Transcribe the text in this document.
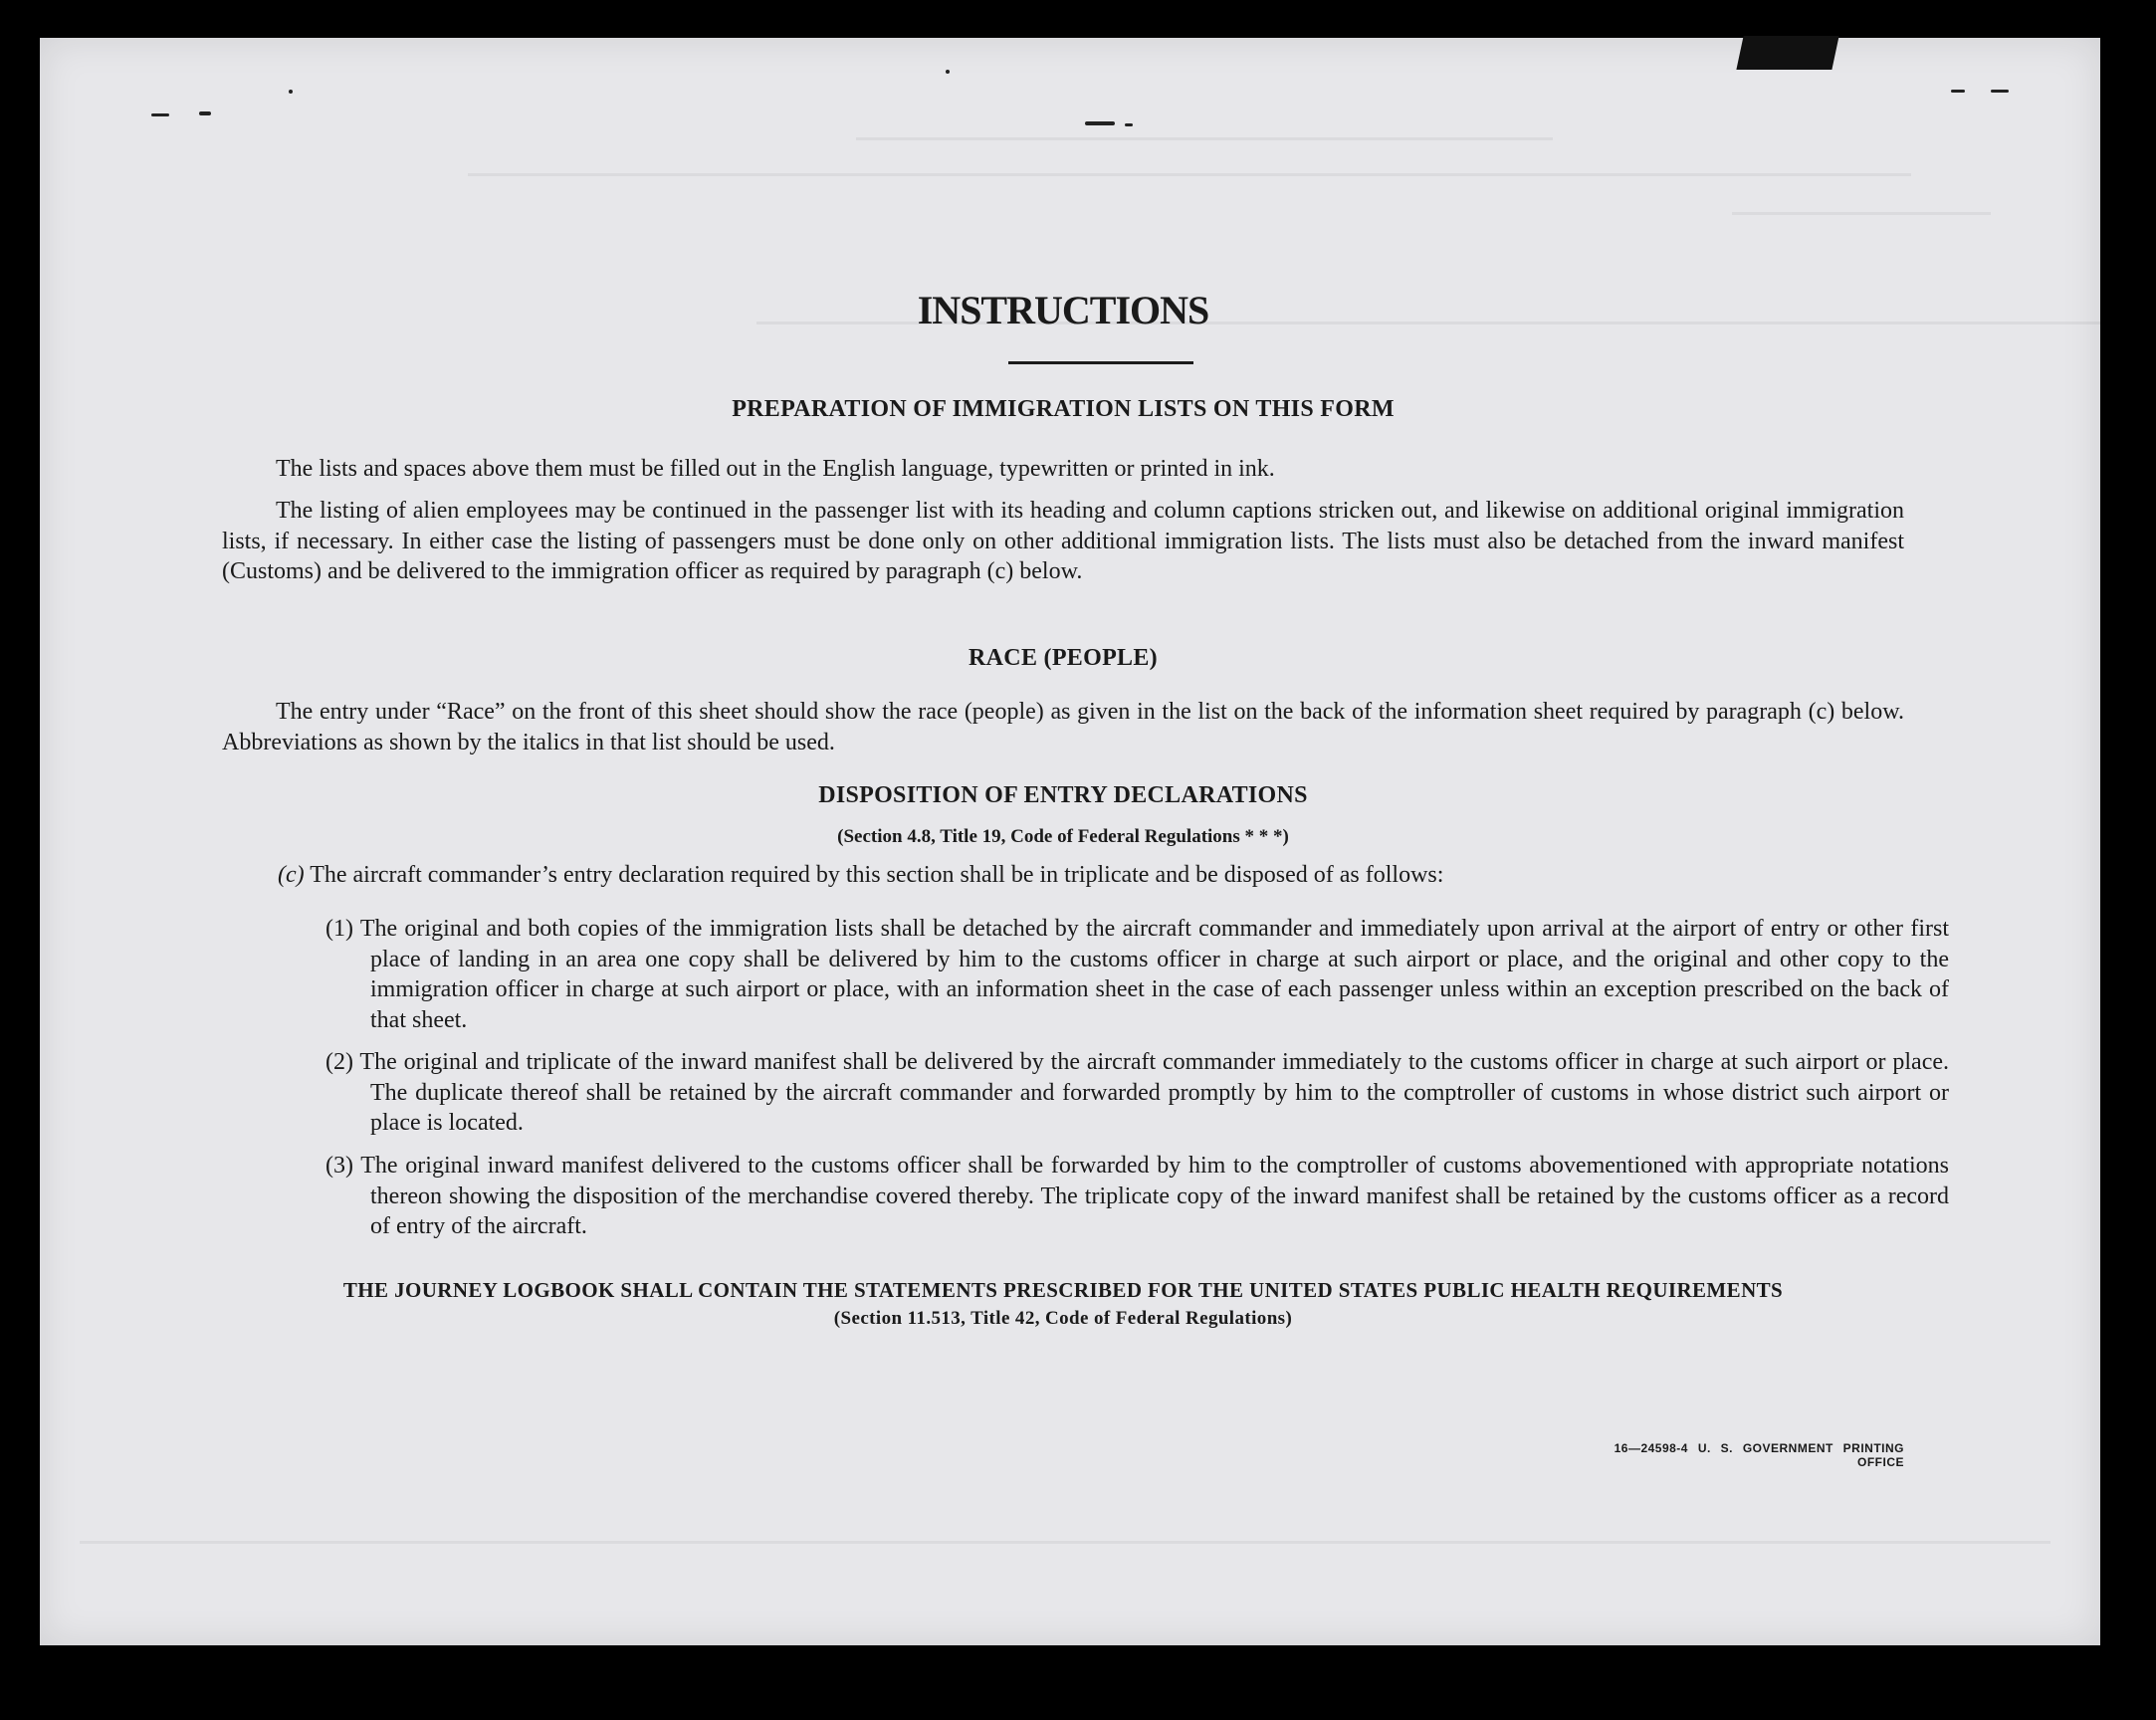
INSTRUCTIONS
PREPARATION OF IMMIGRATION LISTS ON THIS FORM

The lists and spaces above them must be filled out in the English language, typewritten or printed in ink.

The listing of alien employees may be continued in the passenger list with its heading and column captions stricken out, and likewise on additional original immigration lists, if necessary. In either case the listing of passengers must be done only on other additional immigration lists. The lists must also be detached from the inward manifest (Customs) and be delivered to the immigration officer as required by paragraph (c) below.

RACE (PEOPLE)

The entry under “Race” on the front of this sheet should show the race (people) as given in the list on the back of the information sheet required by paragraph (c) below. Abbreviations as shown by the italics in that list should be used.

DISPOSITION OF ENTRY DECLARATIONS

(Section 4.8, Title 19, Code of Federal Regulations * * *)

(c) The aircraft commander’s entry declaration required by this section shall be in triplicate and be disposed of as follows:

(1) The original and both copies of the immigration lists shall be detached by the aircraft commander and immediately upon arrival at the airport of entry or other first place of landing in an area one copy shall be delivered by him to the customs officer in charge at such airport or place, and the original and other copy to the immigration officer in charge at such airport or place, with an information sheet in the case of each passenger unless within an exception prescribed on the back of that sheet.

(2) The original and triplicate of the inward manifest shall be delivered by the aircraft commander immediately to the customs officer in charge at such airport or place. The duplicate thereof shall be retained by the aircraft commander and forwarded promptly by him to the comptroller of customs in whose district such airport or place is located.

(3) The original inward manifest delivered to the customs officer shall be forwarded by him to the comptroller of customs abovementioned with appropriate notations thereon showing the disposition of the merchandise covered thereby. The triplicate copy of the inward manifest shall be retained by the customs officer as a record of entry of the aircraft.

THE JOURNEY LOGBOOK SHALL CONTAIN THE STATEMENTS PRESCRIBED FOR THE UNITED STATES PUBLIC HEALTH REQUIREMENTS

(Section 11.513, Title 42, Code of Federal Regulations)

16—24598‑4 U. S. GOVERNMENT PRINTING OFFICE
